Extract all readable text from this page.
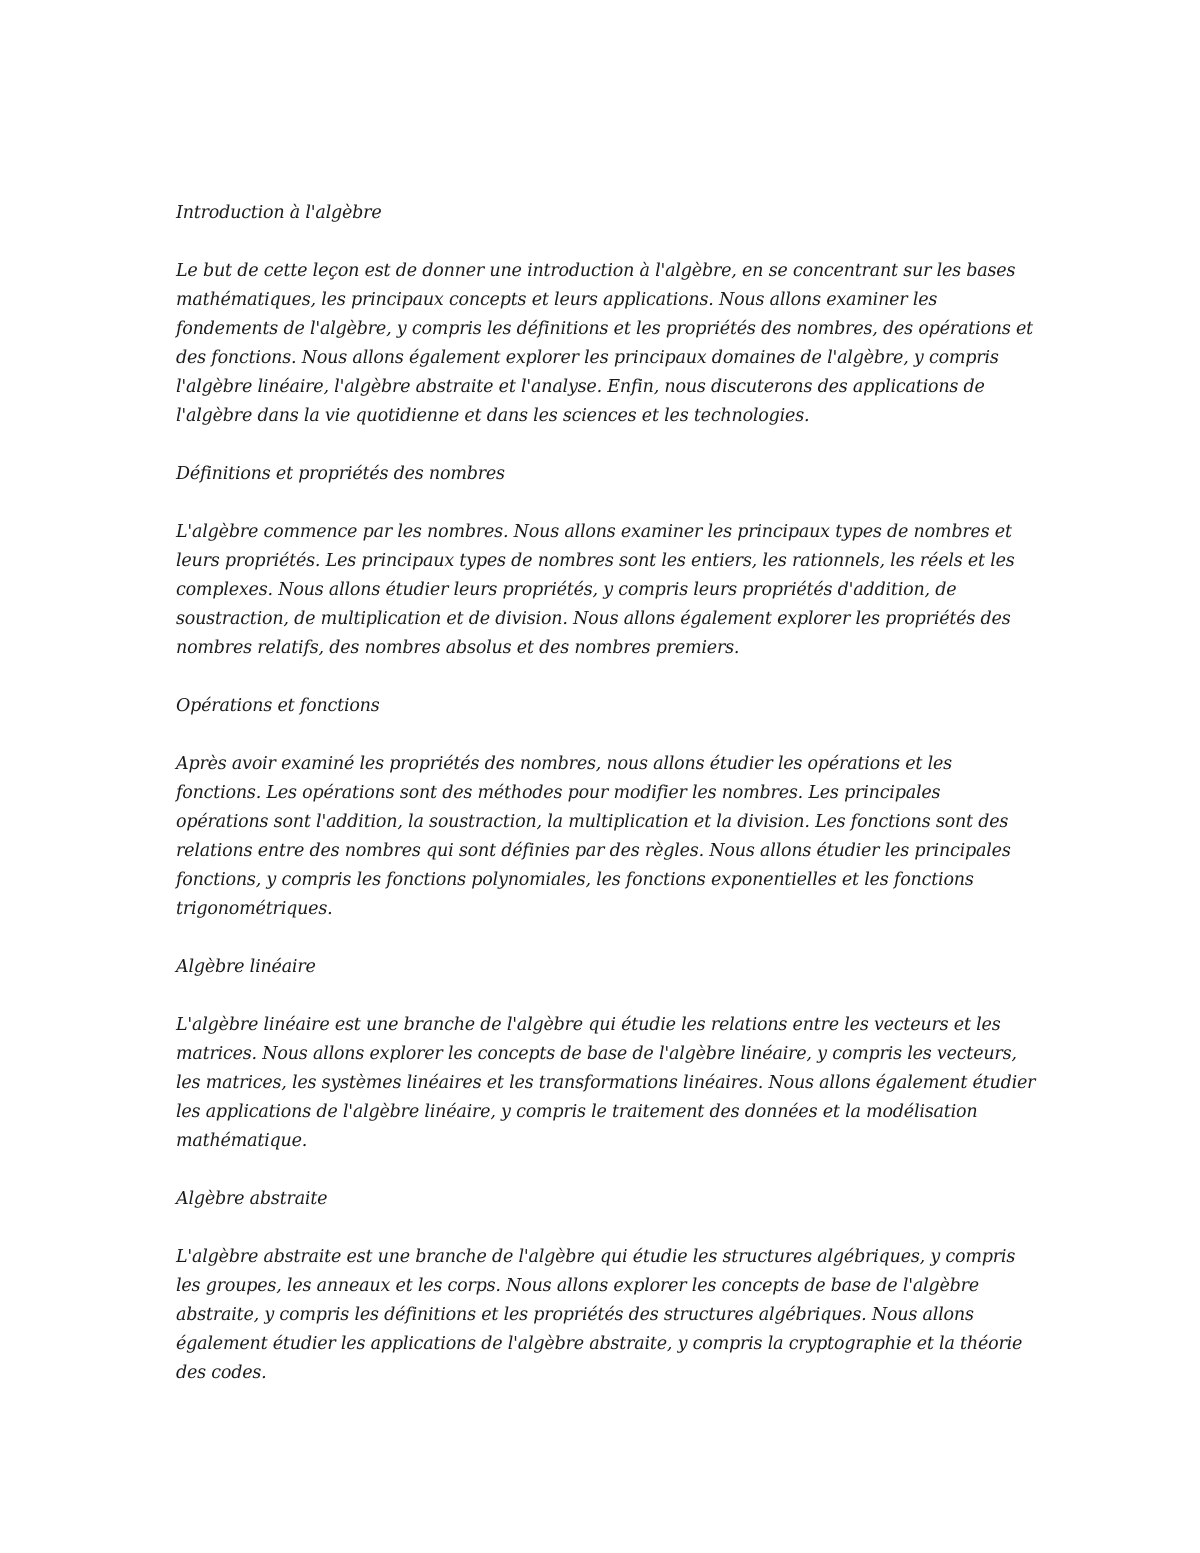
Introduction à l'algèbre
Le but de cette leçon est de donner une introduction à l'algèbre, en se concentrant sur les bases mathématiques, les principaux concepts et leurs applications. Nous allons examiner les fondements de l'algèbre, y compris les définitions et les propriétés des nombres, des opérations et des fonctions. Nous allons également explorer les principaux domaines de l'algèbre, y compris l'algèbre linéaire, l'algèbre abstraite et l'analyse. Enfin, nous discuterons des applications de l'algèbre dans la vie quotidienne et dans les sciences et les technologies.
Définitions et propriétés des nombres
L'algèbre commence par les nombres. Nous allons examiner les principaux types de nombres et leurs propriétés. Les principaux types de nombres sont les entiers, les rationnels, les réels et les complexes. Nous allons étudier leurs propriétés, y compris leurs propriétés d'addition, de soustraction, de multiplication et de division. Nous allons également explorer les propriétés des nombres relatifs, des nombres absolus et des nombres premiers.
Opérations et fonctions
Après avoir examiné les propriétés des nombres, nous allons étudier les opérations et les fonctions. Les opérations sont des méthodes pour modifier les nombres. Les principales opérations sont l'addition, la soustraction, la multiplication et la division. Les fonctions sont des relations entre des nombres qui sont définies par des règles. Nous allons étudier les principales fonctions, y compris les fonctions polynomiales, les fonctions exponentielles et les fonctions trigonométriques.
Algèbre linéaire
L'algèbre linéaire est une branche de l'algèbre qui étudie les relations entre les vecteurs et les matrices. Nous allons explorer les concepts de base de l'algèbre linéaire, y compris les vecteurs, les matrices, les systèmes linéaires et les transformations linéaires. Nous allons également étudier les applications de l'algèbre linéaire, y compris le traitement des données et la modélisation mathématique.
Algèbre abstraite
L'algèbre abstraite est une branche de l'algèbre qui étudie les structures algébriques, y compris les groupes, les anneaux et les corps. Nous allons explorer les concepts de base de l'algèbre abstraite, y compris les définitions et les propriétés des structures algébriques. Nous allons également étudier les applications de l'algèbre abstraite, y compris la cryptographie et la théorie des codes.
